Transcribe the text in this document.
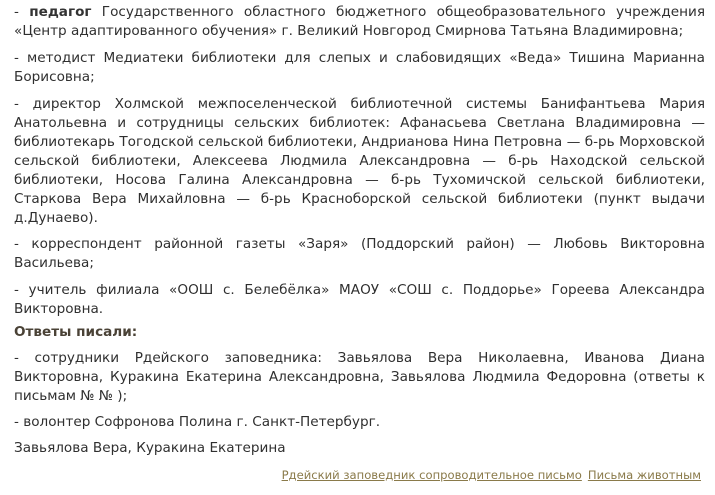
- педагог Государственного областного бюджетного общеобразовательного учреждения «Центр адаптированного обучения» г. Великий Новгород Смирнова Татьяна Владимировна;

- методист Медиатеки библиотеки для слепых и слабовидящих «Веда» Тишина Марианна Борисовна;

- директор Холмской межпоселенческой библиотечной системы Банифантьева Мария Анатольевна и сотрудницы сельских библиотек: Афанасьева Светлана Владимировна — библиотекарь Тогодской сельской библиотеки, Андрианова Нина Петровна — б-рь Морховской сельской библиотеки, Алексеева Людмила Александровна — б-рь Находской сельской библиотеки, Носова Галина Александровна — б-рь Тухомичской сельской библиотеки, Старкова Вера Михайловна — б-рь Красноборской сельской библиотеки (пункт выдачи д.Дунаево).

- корреспондент районной газеты «Заря» (Поддорский район) — Любовь Викторовна Васильева;

- учитель филиала «ООШ с. Белебёлка» МАОУ «СОШ с. Поддорье» Гореева Александра Викторовна.

Ответы писали:

- сотрудники Рдейского заповедника: Завьялова Вера Николаевна, Иванова Диана Викторовна, Куракина Екатерина Александровна, Завьялова Людмила Федоровна (ответы к письмам № № );

- волонтер Софронова Полина г. Санкт-Петербург.

Завьялова Вера, Куракина Екатерина

Рдейский заповедник сопроводительное письмо Письма животным
